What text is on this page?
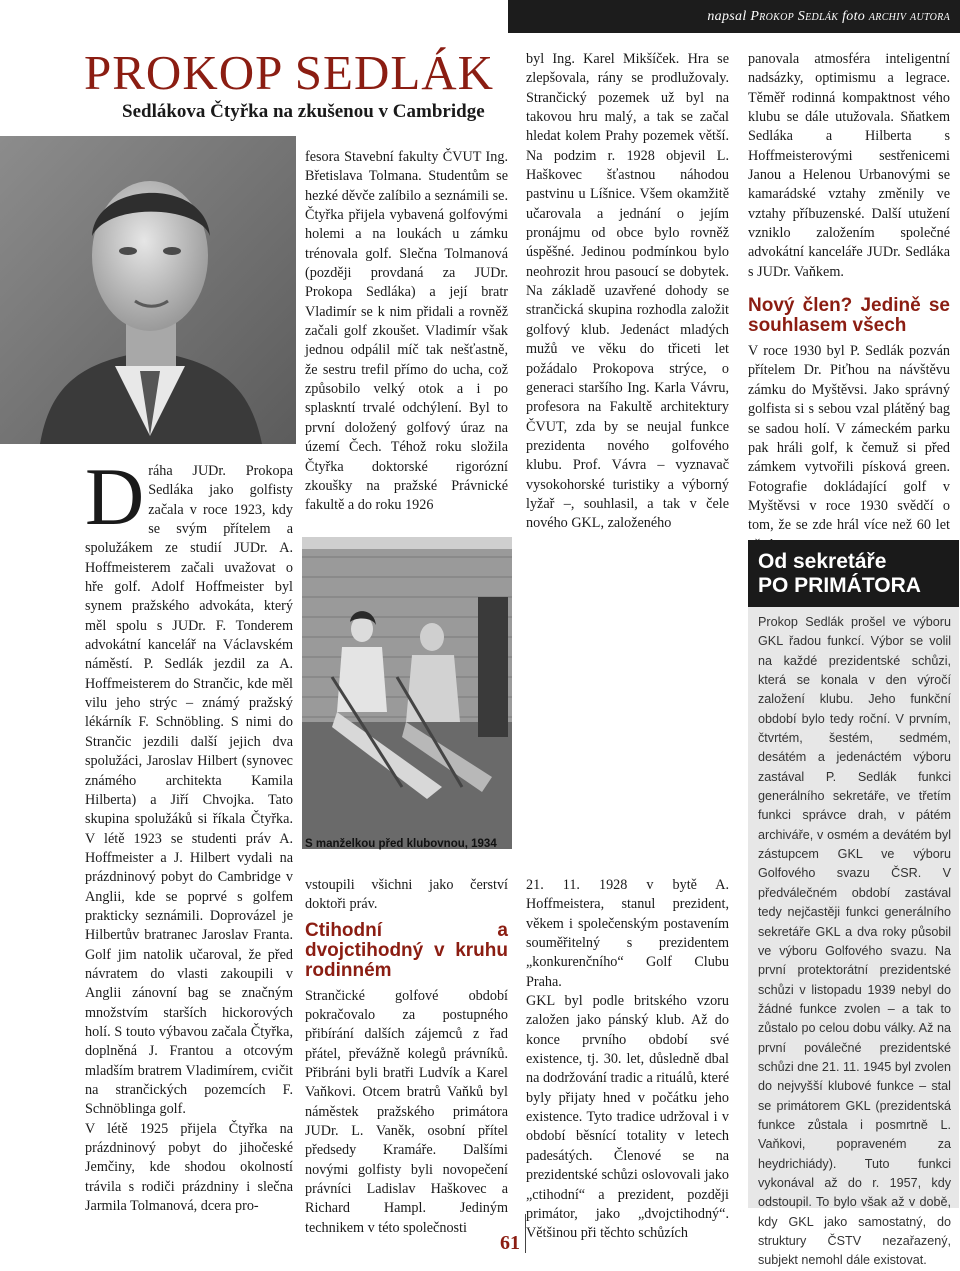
napsal Prokop Sedlák foto archiv autora
PROKOP SEDLÁK
Sedlákova Čtyřka na zkušenou v Cambridge
S manželkou před klubovnou, 1934
D ráha JUDr. Prokopa Sedláka jako golfisty začala v roce 1923, kdy se svým přítelem a spolužákem ze studií JUDr. A. Hoffmeisterem začali uvažovat o hře golf. Adolf Hoffmeister byl synem pražského advokáta, který měl spolu s JUDr. F. Tonderem advokátní kancelář na Václavském náměstí. P. Sedlák jezdil za A. Hoffmeisterem do Strančic, kde měl vilu jeho strýc – známý pražský lékárník F. Schnöbling. S nimi do Strančic jezdili další jejich dva spolužáci, Jaroslav Hilbert (synovec známého architekta Kamila Hilberta) a Jiří Chvojka. Tato skupina spolužáků si říkala Čtyřka. V létě 1923 se studenti práv A. Hoffmeister a J. Hilbert vydali na prázdninový pobyt do Cambridge v Anglii, kde se poprvé s golfem prakticky seznámili. Doprovázel je Hilbertův bratranec Jaroslav Franta. Golf jim natolik učaroval, že před návratem do vlasti zakoupili v Anglii zánovní bag se značným množstvím starších hickorových holí. S touto výbavou začala Čtyřka, doplněná J. Frantou a otcovým mladším bratrem Vladimírem, cvičit na strančických pozemcích F. Schnöblinga golf.

V létě 1925 přijela Čtyřka na prázdninový pobyt do jihočeské Jemčiny, kde shodou okolností trávila s rodiči prázdniny i slečna Jarmila Tolmanová, dcera pro-

fesora Stavební fakulty ČVUT Ing. Břetislava Tolmana. Studentům se hezké děvče zalíbilo a seznámili se. Čtyřka přijela vybavená golfovými holemi a na loukách u zámku trénovala golf. Slečna Tolmanová (později provdaná za JUDr. Prokopa Sedláka) a její bratr Vladimír se k nim přidali a rovněž začali golf zkoušet. Vladimír však jednou odpálil míč tak nešťastně, že sestru trefil přímo do ucha, což způsobilo velký otok a i po splaskntí trvalé odchýlení. Byl to první doložený golfový úraz na území Čech. Téhož roku složila Čtyřka doktorské rigorózní zkoušky na pražské Právnické fakultě a do roku 1926

vstoupili všichni jako čerství doktoři práv.

Ctihodní a dvojctihodný v kruhu rodinném

Strančické golfové období pokračovalo za postupného přibírání dalších zájemců z řad přátel, převážně kolegů právníků. Přibráni byli bratři Ludvík a Karel Vaňkovi. Otcem bratrů Vaňků byl náměstek pražského primátora JUDr. L. Vaněk, osobní přítel předsedy Kramáře. Dalšími novými golfisty byli novopečení právníci Ladislav Haškovec a Richard Hampl. Jediným technikem v této společnosti

byl Ing. Karel Mikšíček. Hra se zlepšovala, rány se prodlužovaly. Strančický pozemek už byl na takovou hru malý, a tak se začal hledat kolem Prahy pozemek větší. Na podzim r. 1928 objevil L. Haškovec šťastnou náhodou pastvinu u Líšnice. Všem okamžitě učarovala a jednání o jejím pronájmu od obce bylo rovněž úspěšné. Jedinou podmínkou bylo neohrozit hrou pasoucí se dobytek. Na základě uzavřené dohody se strančická skupina rozhodla založit golfový klub. Jedenáct mladých mužů ve věku do třiceti let požádalo Prokopova strýce, o generaci staršího Ing. Karla Vávru, profesora na Fakultě architektury ČVUT, zda by se neujal funkce prezidenta nového golfového klubu. Prof. Vávra – vyznavač vysokohorské turistiky a výborný lyžař –, souhlasil, a tak v čele nového GKL, založeného

21. 11. 1928 v bytě A. Hoffmeistera, stanul prezident, věkem i společenským postavením souměřitelný s prezidentem „konkurenčního“ Golf Clubu Praha.

GKL byl podle britského vzoru založen jako pánský klub. Až do konce prvního období své existence, tj. 30. let, důsledně dbal na dodržování tradic a rituálů, které byly přijaty hned v počátku jeho existence. Tyto tradice udržoval i v období běsnící totality v letech padesátých. Členové se na prezidentské schůzi oslovovali jako „ctihodní“ a prezident, později primátor, jako „dvojctihodný“. Většinou při těchto schůzích

panovala atmosféra inteligentní nadsázky, optimismu a legrace. Těměř rodinná kompaktnost vého klubu se dále utužovala. Sňatkem Sedláka a Hilberta s Hoffmeisterovými sestřenicemi Janou a Helenou Urbanovými se kamarádské vztahy změnily ve vztahy příbuzenské. Další utužení vzniklo založením společné advokátní kanceláře JUDr. Sedláka s JUDr. Vaňkem.

Nový člen? Jedině se souhlasem všech

V roce 1930 byl P. Sedlák pozván přítelem Dr. Piťhou na návštěvu zámku do Myštěvsi. Jako správný golfista si s sebou vzal plátěný bag se sadou holí. V zámeckém parku pak hráli golf, k čemuž si před zámkem vytvořili písková green. Fotografie dokládající golf v Myštěvsi v roce 1930 svědčí o tom, že se zde hrál více než 60 let

Od sekretáře
PO PRIMÁTORA
Prokop Sedlák prošel ve výboru GKL řadou funkcí. Výbor se volil na každé prezidentské schůzi, která se konala v den výročí založení klubu. Jeho funkční období bylo tedy roční. V prvním, čtvrtém, šestém, sedmém, desátém a jedenáctém výboru zastával P. Sedlák funkci generálního sekretáře, ve třetím funkci správce drah, v pátém archiváře, v osmém a devátém byl zástupcem GKL ve výboru Golfového svazu ČSR. V předválečném období zastával tedy nejčastěji funkci generálního sekretáře GKL a dva roky působil ve výboru Golfového svazu. Na první protektorátní prezidentské schůzi v listopadu 1939 nebyl do žádné funkce zvolen – a tak to zůstalo po celou dobu války. Až na první poválečné prezidentské schůzi dne 21. 11. 1945 byl zvolen do nejvyšší klubové funkce – stal se primátorem GKL (prezidentská funkce zůstala i posmrtně L. Vaňkovi, popraveném za heydrichiády). Tuto funkci vykonával až do r. 1957, kdy odstoupil. To bylo však až v době, kdy GKL jako samostatný, do struktury ČSTV nezařazený, subjekt nemohl dále existovat.
61
